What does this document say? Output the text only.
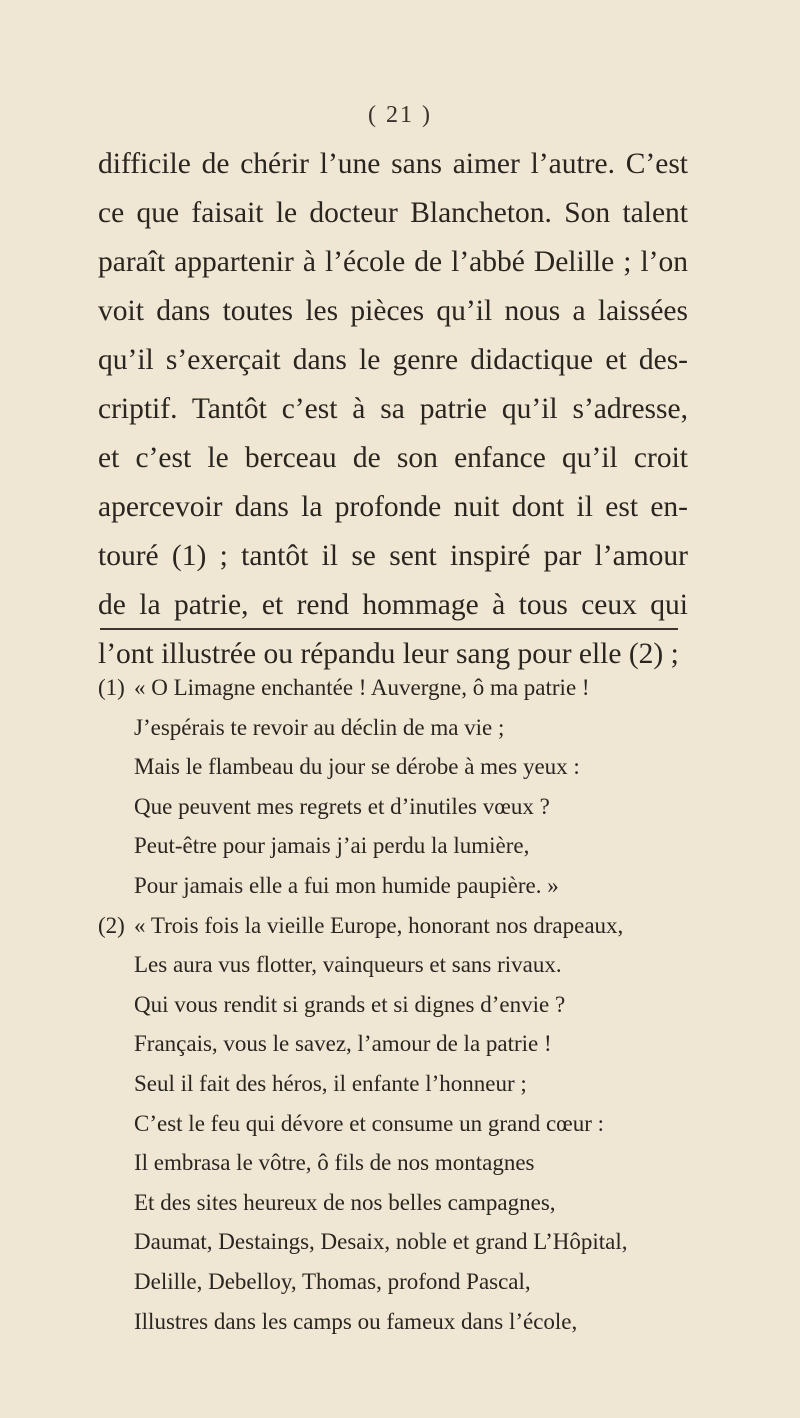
( 21 )
difficile de chérir l’une sans aimer l’autre. C’est
ce que faisait le docteur Blancheton. Son talent
paraît appartenir à l’école de l’abbé Delille ; l’on
voit dans toutes les pièces qu’il nous a laissées
qu’il s’exerçait dans le genre didactique et des-
criptif. Tantôt c’est à sa patrie qu’il s’adresse,
et c’est le berceau de son enfance qu’il croit
apercevoir dans la profonde nuit dont il est en-
touré (1) ; tantôt il se sent inspiré par l’amour
de la patrie, et rend hommage à tous ceux qui
l’ont illustrée ou répandu leur sang pour elle (2) ;
(1) « O Limagne enchantée ! Auvergne, ô ma patrie !
J’espérais te revoir au déclin de ma vie ;
Mais le flambeau du jour se dérobe à mes yeux :
Que peuvent mes regrets et d’inutiles vœux ?
Peut-être pour jamais j’ai perdu la lumière,
Pour jamais elle a fui mon humide paupière. »
(2) « Trois fois la vieille Europe, honorant nos drapeaux,
Les aura vus flotter, vainqueurs et sans rivaux.
Qui vous rendit si grands et si dignes d’envie ?
Français, vous le savez, l’amour de la patrie !
Seul il fait des héros, il enfante l’honneur ;
C’est le feu qui dévore et consume un grand cœur :
Il embrasa le vôtre, ô fils de nos montagnes
Et des sites heureux de nos belles campagnes,
Daumat, Destaings, Desaix, noble et grand L’Hôpital,
Delille, Debelloy, Thomas, profond Pascal,
Illustres dans les camps ou fameux dans l’école,
